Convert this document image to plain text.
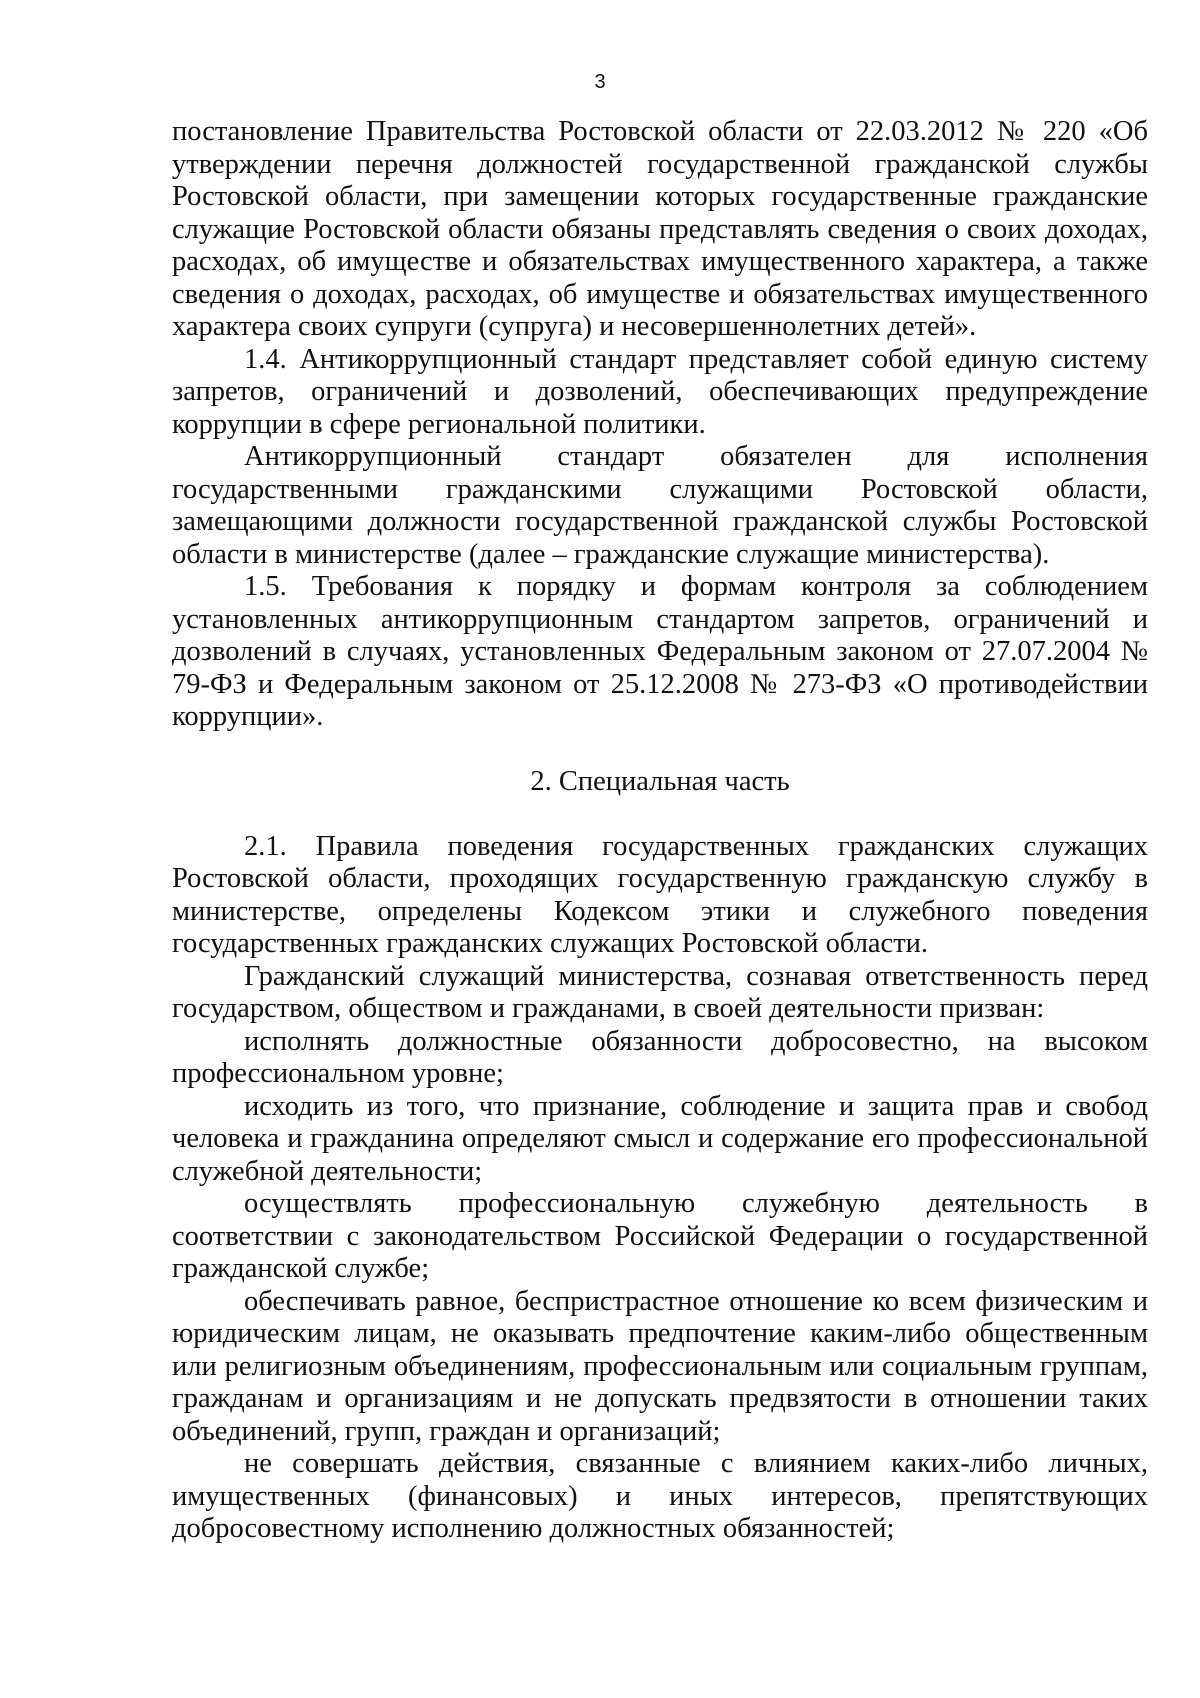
3

постановление Правительства Ростовской области от 22.03.2012 № 220 «Об утверждении перечня должностей государственной гражданской службы Ростовской области, при замещении которых государственные гражданские служащие Ростовской области обязаны представлять сведения о своих доходах, расходах, об имуществе и обязательствах имущественного характера, а также сведения о доходах, расходах, об имуществе и обязательствах имущественного характера своих супруги (супруга) и несовершеннолетних детей».

1.4. Антикоррупционный стандарт представляет собой единую систему запретов, ограничений и дозволений, обеспечивающих предупреждение коррупции в сфере региональной политики.

Антикоррупционный стандарт обязателен для исполнения государственными гражданскими служащими Ростовской области, замещающими должности государственной гражданской службы Ростовской области в министерстве (далее – гражданские служащие министерства).

1.5. Требования к порядку и формам контроля за соблюдением установленных антикоррупционным стандартом запретов, ограничений и дозволений в случаях, установленных Федеральным законом от 27.07.2004 № 79-ФЗ и Федеральным законом от 25.12.2008 № 273-ФЗ «О противодействии коррупции».

2. Специальная часть

2.1. Правила поведения государственных гражданских служащих Ростовской области, проходящих государственную гражданскую службу в министерстве, определены Кодексом этики и служебного поведения государственных гражданских служащих Ростовской области.

Гражданский служащий министерства, сознавая ответственность перед государством, обществом и гражданами, в своей деятельности призван:

исполнять должностные обязанности добросовестно, на высоком профессиональном уровне;

исходить из того, что признание, соблюдение и защита прав и свобод человека и гражданина определяют смысл и содержание его профессиональной служебной деятельности;

осуществлять профессиональную служебную деятельность в соответствии с законодательством Российской Федерации о государственной гражданской службе;

обеспечивать равное, беспристрастное отношение ко всем физическим и юридическим лицам, не оказывать предпочтение каким-либо общественным или религиозным объединениям, профессиональным или социальным группам, гражданам и организациям и не допускать предвзятости в отношении таких объединений, групп, граждан и организаций;

не совершать действия, связанные с влиянием каких-либо личных, имущественных (финансовых) и иных интересов, препятствующих добросовестному исполнению должностных обязанностей;
